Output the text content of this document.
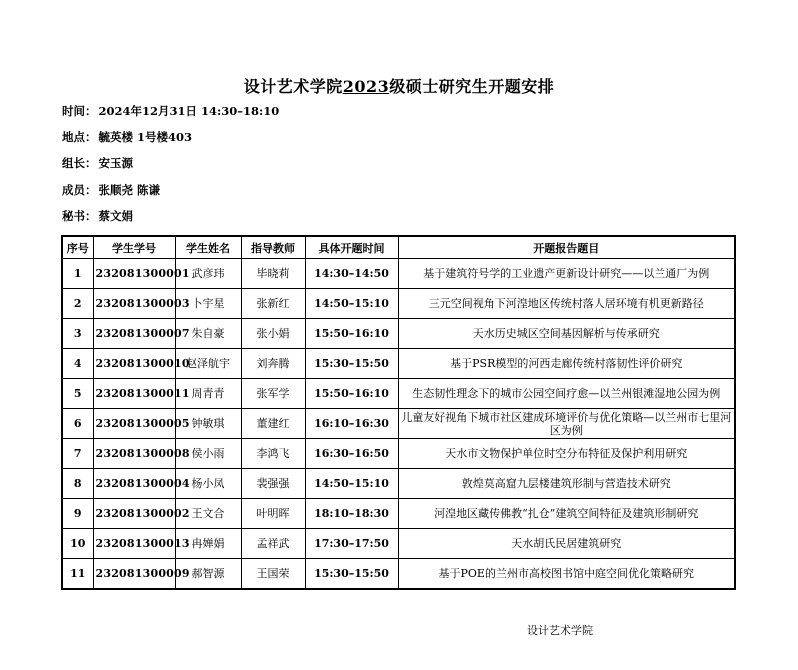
设计艺术学院2023级硕士研究生开题安排
时间： 2024年12月31日 14:30–18:10
地点： 毓英楼 1号楼403
组长： 安玉源
成员： 张顺尧 陈谦
秘书： 蔡文娟
序号	学生学号	学生姓名	指导教师	具体开题时间	开题报告题目
1	232081300001	武彦玮	毕晓莉	14:30–14:50	基于建筑符号学的工业遗产更新设计研究——以兰通厂为例
2	232081300003	卜宇星	张新红	14:50–15:10	三元空间视角下河湟地区传统村落人居环境有机更新路径
3	232081300007	朱自豪	张小娟	15:50–16:10	天水历史城区空间基因解析与传承研究
4	232081300010	赵泽航宇	刘奔腾	15:30–15:50	基于PSR模型的河西走廊传统村落韧性评价研究
5	232081300011	周青青	张军学	15:50–16:10	生态韧性理念下的城市公园空间疗愈—以兰州银滩湿地公园为例
6	232081300005	钟敏琪	董建红	16:10–16:30	儿童友好视角下城市社区建成环境评价与优化策略—以兰州市七里河区为例
7	232081300008	侯小雨	李鸿飞	16:30–16:50	天水市文物保护单位时空分布特征及保护利用研究
8	232081300004	杨小凤	裴强强	14:50–15:10	敦煌莫高窟九层楼建筑形制与营造技术研究
9	232081300002	王文合	叶明晖	18:10–18:30	河湟地区藏传佛教“扎仓”建筑空间特征及建筑形制研究
10	232081300013	冉婵娟	孟祥武	17:30–17:50	天水胡氏民居建筑研究
11	232081300009	郝智源	王国荣	15:30–15:50	基于POE的兰州市高校图书馆中庭空间优化策略研究
设计艺术学院
